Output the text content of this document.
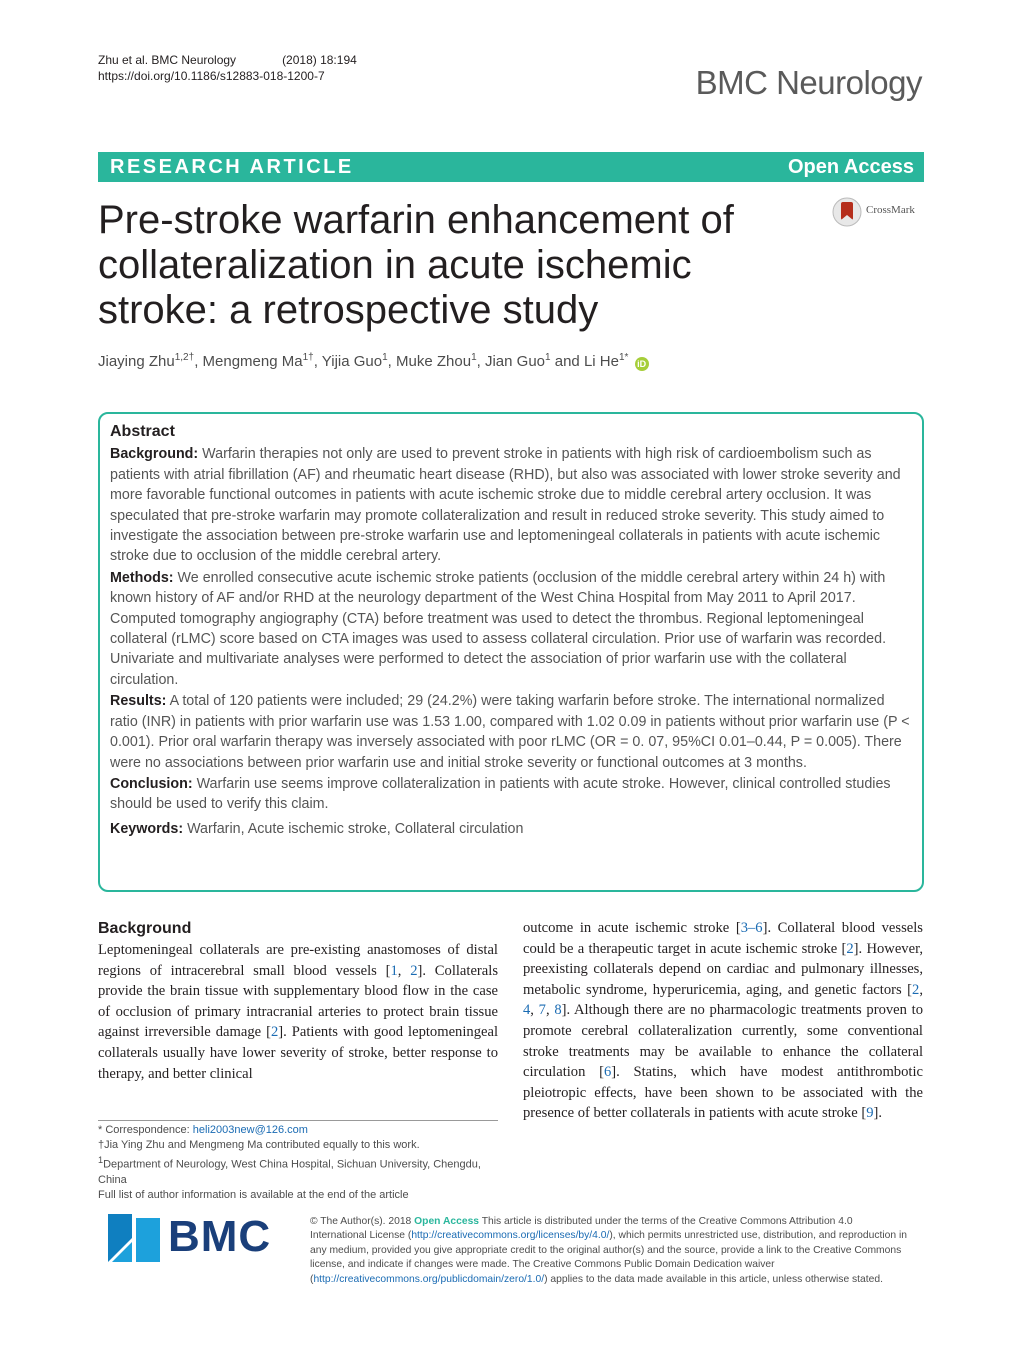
Zhu et al. BMC Neurology	(2018) 18:194
https://doi.org/10.1186/s12883-018-1200-7	BMC Neurology
RESEARCH ARTICLE	Open Access
Pre-stroke warfarin enhancement of collateralization in acute ischemic stroke: a retrospective study
CrossMark
Jiaying Zhu$^{1,2\dagger}$, Mengmeng $Ma^{1\dagger}$, Yijia Guo$^1$, Muke Zhou$^1$, Jian Guo$^1$ and Li $He^{1*}$ iD
Abstract

Background: Warfarin therapies not only are used to prevent stroke in patients with high risk of cardioembolism such as patients with atrial fibrillation (AF) and rheumatic heart disease (RHD), but also was associated with lower stroke severity and more favorable functional outcomes in patients with acute ischemic stroke due to middle cerebral artery occlusion. It was speculated that pre-stroke warfarin may promote collateralization and result in reduced stroke severity. This study aimed to investigate the association between pre-stroke warfarin use and leptomeningeal collaterals in patients with acute ischemic stroke due to occlusion of the middle cerebral artery.

Methods: We enrolled consecutive acute ischemic stroke patients (occlusion of the middle cerebral artery within 24 h) with known history of AF and/or RHD at the neurology department of the West China Hospital from May 2011 to April 2017. Computed tomography angiography (CTA) before treatment was used to detect the thrombus. Regional leptomeningeal collateral (rLMC) score based on CTA images was used to assess collateral circulation. Prior use of warfarin was recorded. Univariate and multivariate analyses were performed to detect the association of prior warfarin use with the collateral circulation.

Results: A total of 120 patients were included; 29 (24.2%) were taking warfarin before stroke. The international normalized ratio (INR) in patients with prior warfarin use was 1.53 1.00, compared with 1.02 0.09 in patients without prior warfarin use (P < 0.001). Prior oral warfarin therapy was inversely associated with poor rLMC (OR = 0. 07, 95%CI 0.01–0.44, P = 0.005). There were no associations between prior warfarin use and initial stroke severity or functional outcomes at 3 months.

Conclusion: Warfarin use seems improve collateralization in patients with acute stroke. However, clinical controlled studies should be used to verify this claim.

Keywords: Warfarin, Acute ischemic stroke, Collateral circulation

Background

Leptomeningeal collaterals are pre-existing anastomoses of distal regions of intracerebral small blood vessels [1, 2]. Collaterals provide the brain tissue with supplementary blood flow in the case of occlusion of primary intracranial arteries to protect brain tissue against irreversible damage [2]. Patients with good leptomeningeal collaterals usually have lower severity of stroke, better response to therapy, and better clinical

outcome in acute ischemic stroke [3–6]. Collateral blood vessels could be a therapeutic target in acute ischemic stroke [2]. However, preexisting collaterals depend on cardiac and pulmonary illnesses, metabolic syndrome, hyperuricemia, aging, and genetic factors [2, 4, 7, 8]. Although there are no pharmacologic treatments proven to promote cerebral collateralization currently, some conventional stroke treatments may be available to enhance the collateral circulation [6]. Statins, which have modest antithrombotic pleiotropic effects, have been shown to be associated with the presence of better collaterals in patients with acute stroke [9].

* Correspondence: heli2003new@126.com

†Jia Ying Zhu and Mengmeng Ma contributed equally to this work.

$^1$Department of Neurology, West China Hospital, Sichuan University, Chengdu, China

Full list of author information is available at the end of the article

BMC	© The Author(s). 2018 Open Access This article is distributed under the terms of the Creative Commons Attribution 4.0 International License (http://creativecommons.org/licenses/by/4.0/), which permits unrestricted use, distribution, and reproduction in any medium, provided you give appropriate credit to the original author(s) and the source, provide a link to the Creative Commons license, and indicate if changes were made. The Creative Commons Public Domain Dedication waiver (http://creativecommons.org/publicdomain/zero/1.0/) applies to the data made available in this article, unless otherwise stated.
